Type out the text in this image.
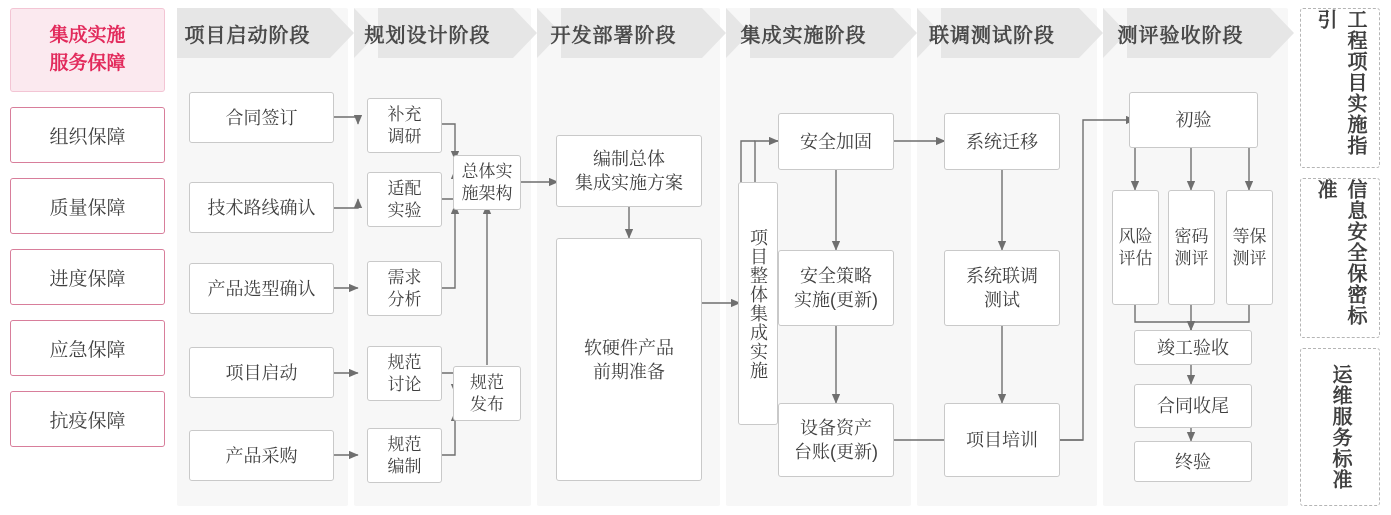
集成实施
服务保障
组织保障
质量保障
进度保障
应急保障
抗疫保障
项目启动阶段	规划设计阶段	开发部署阶段	集成实施阶段	联调测试阶段	测评验收阶段
合同签订
技术路线确认
产品选型确认
项目启动
产品采购
补充
调研
适配
实验
需求
分析
规范
讨论
规范
编制
总体实
施架构
规范
发布
编制总体
集成实施方案
软硬件产品
前期准备	项目整体集成实施
安全加固
安全策略
实施(更新)
设备资产
台账(更新)
系统迁移
系统联调
测试
项目培训
初验
风险
评估
密码
测评
等保
测评
竣工验收
合同收尾
终验
工程项目实施指引
信息安全保密标准
运维服务标准
